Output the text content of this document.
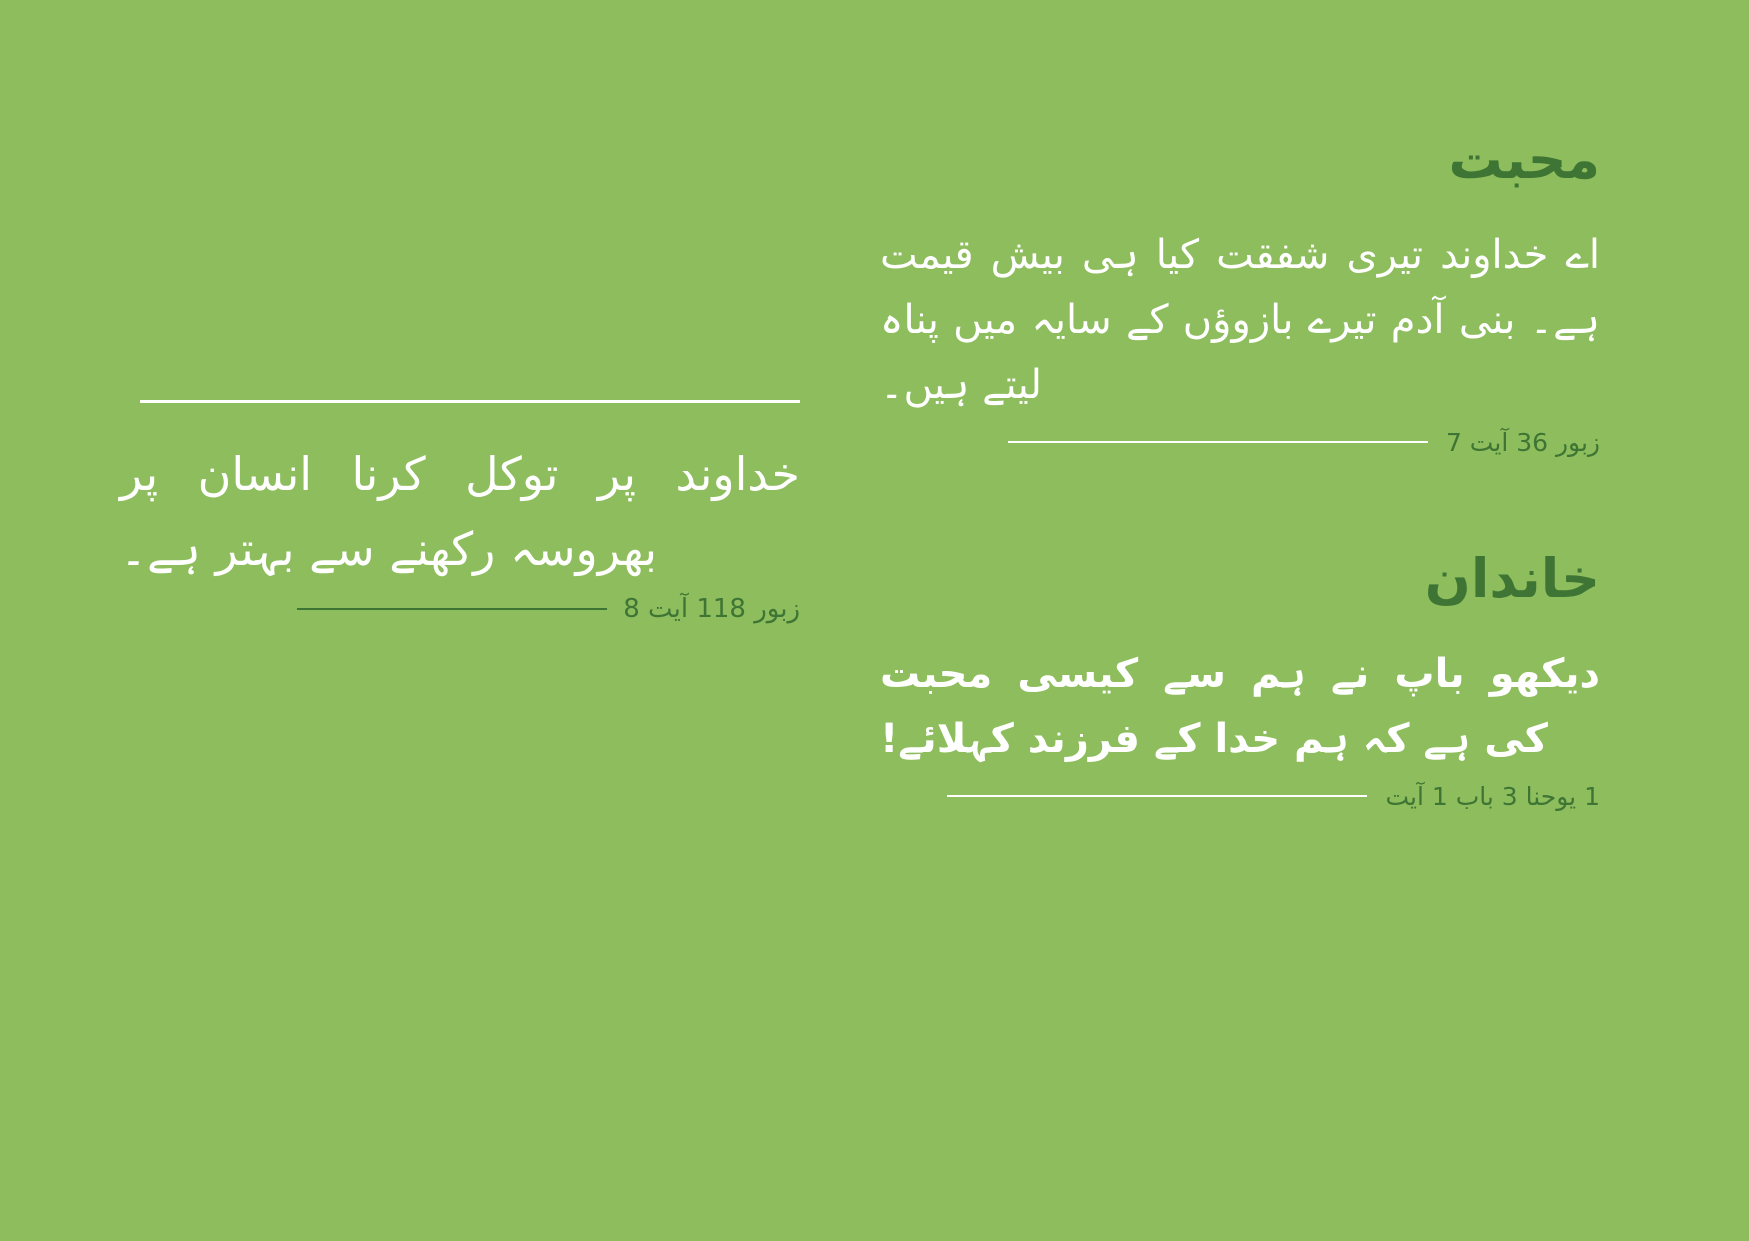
خداوند پر توکل کرنا انسان پر بھروسہ رکھنے سے بہتر ہے۔
زبور 118 آیت 8
محبت
اے خداوند تیری شفقت کیا ہی بیش قیمت ہے۔ بنی آدم تیرے بازوؤں کے سایہ میں پناہ لیتے ہیں۔
زبور 36 آیت 7
خاندان
دیکھو باپ نے ہم سے کیسی محبت کی ہے کہ ہم خدا کے فرزند کہلائے!
1 یوحنا 3 باب 1 آیت
